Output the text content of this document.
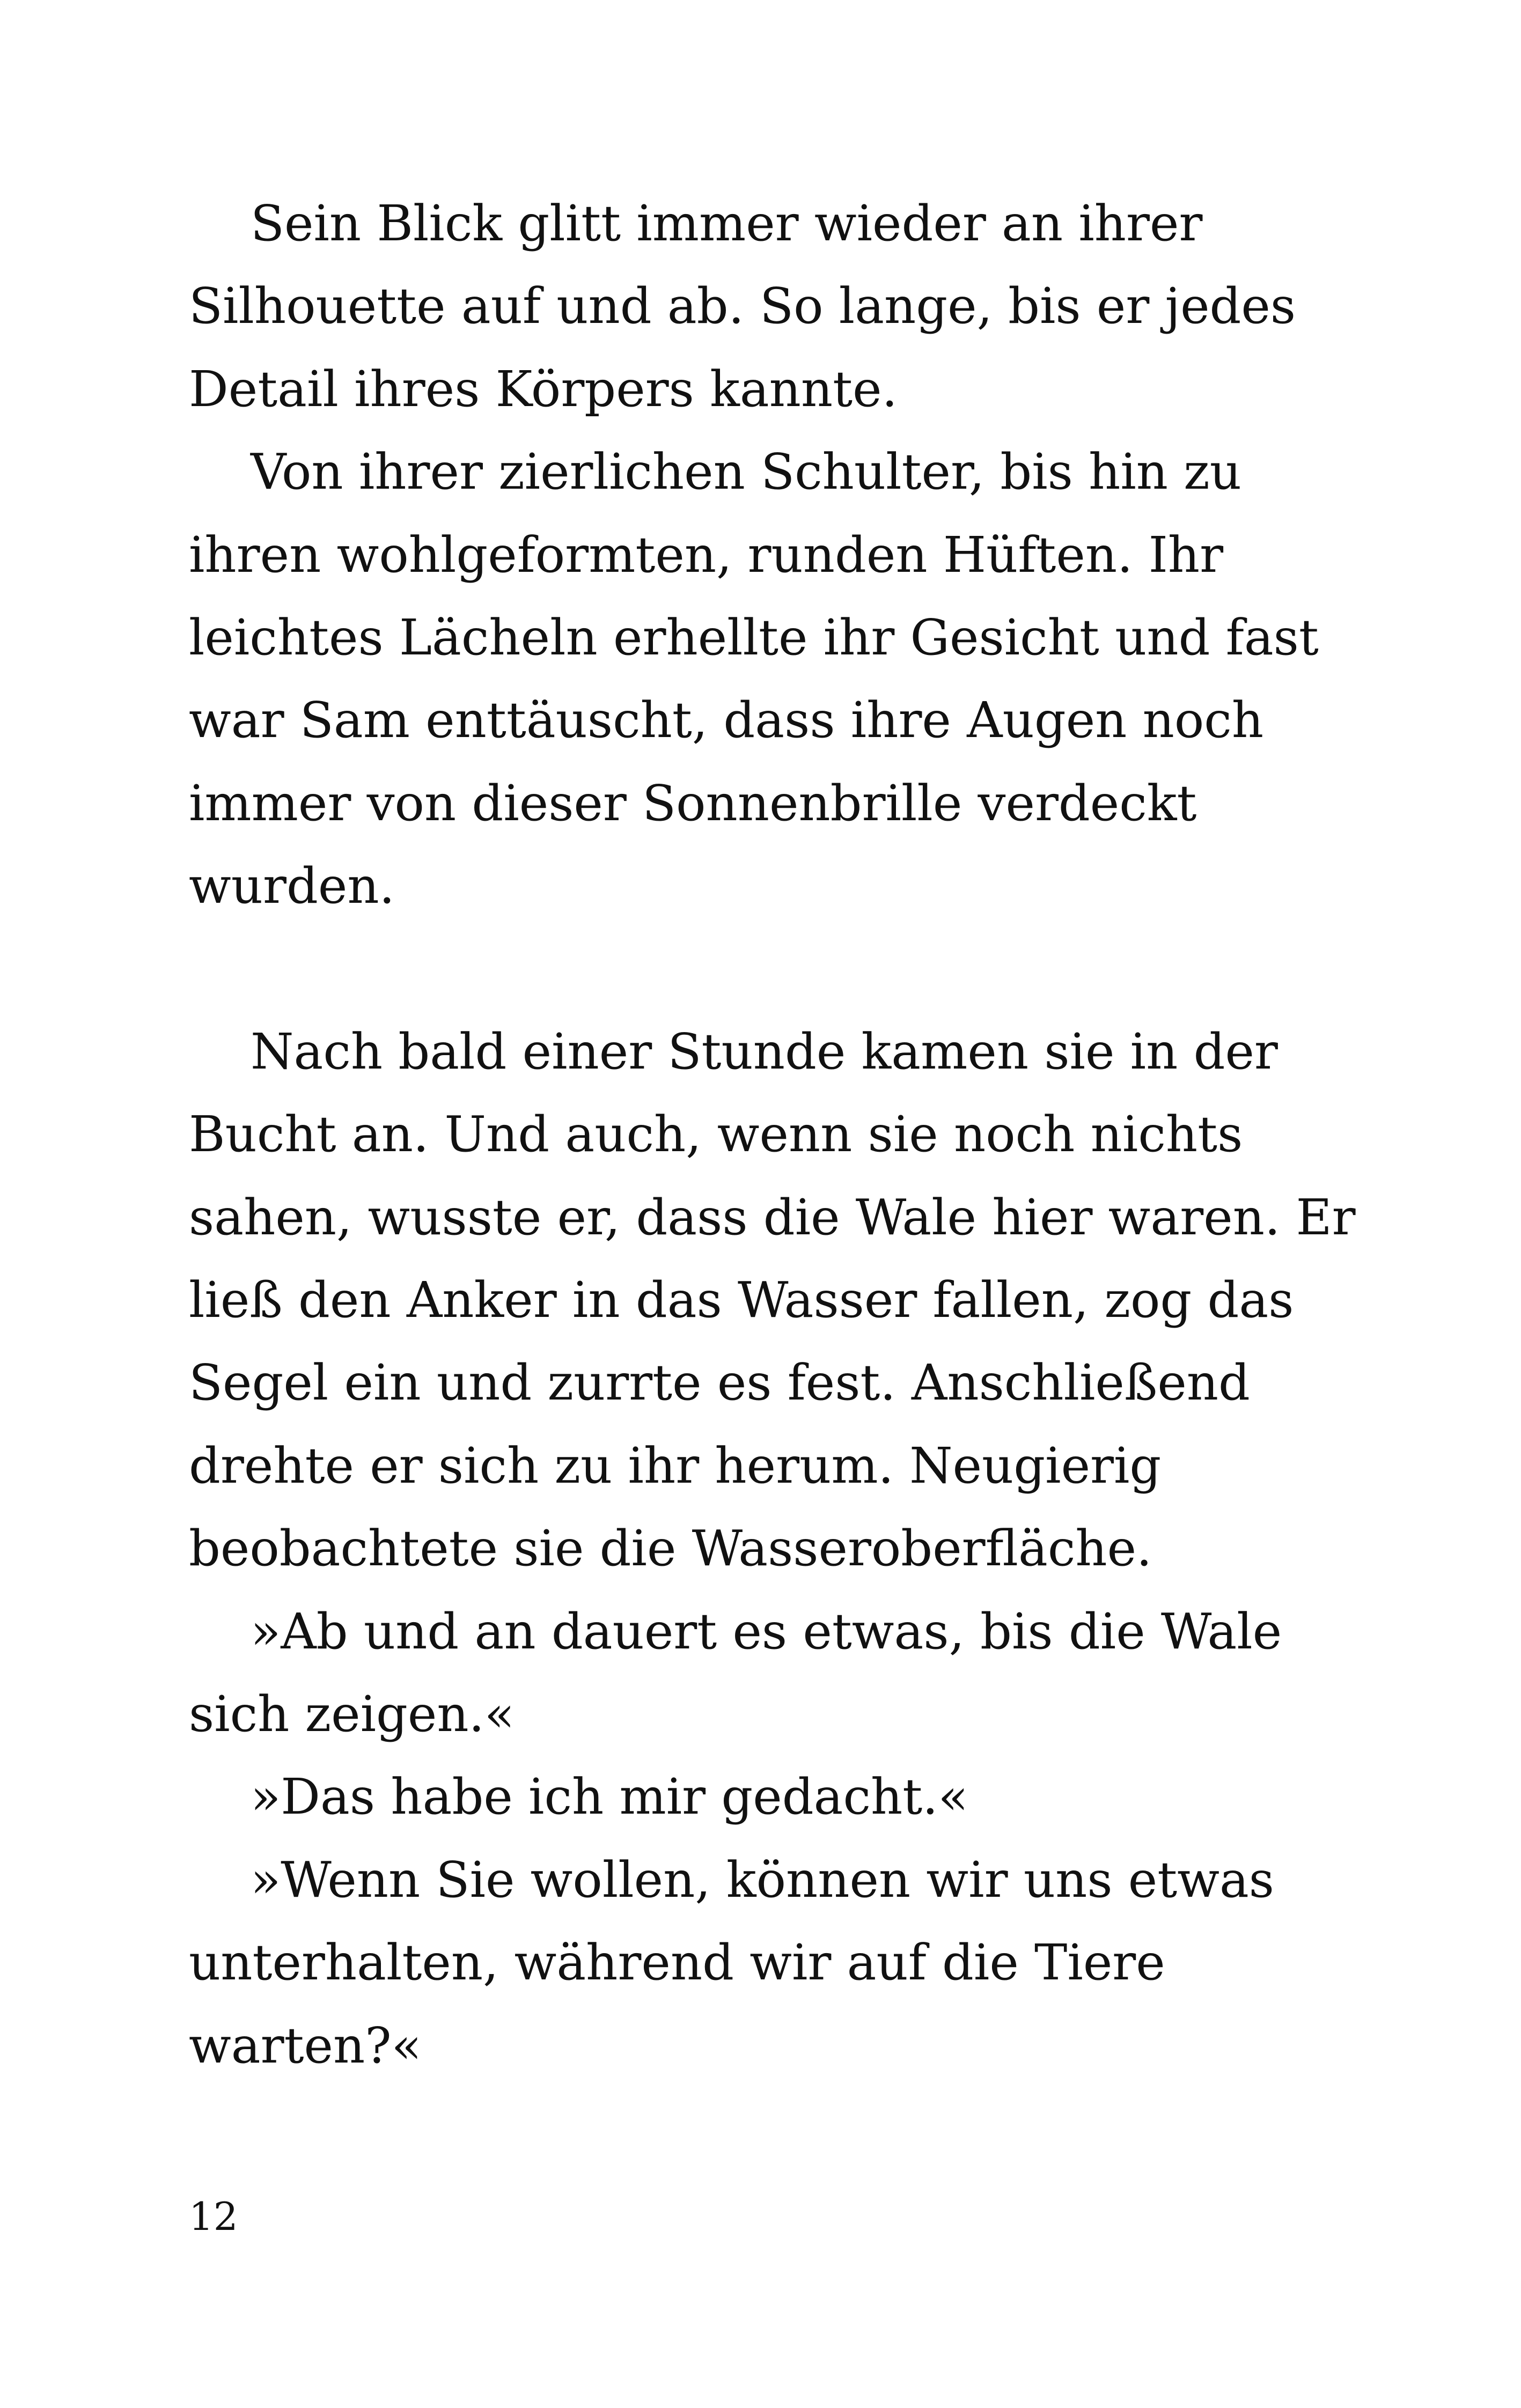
Sein Blick glitt immer wieder an ihrer
Silhouette auf und ab. So lange, bis er jedes
Detail ihres Körpers kannte.
Von ihrer zierlichen Schulter, bis hin zu
ihren wohlgeformten, runden Hüften. Ihr
leichtes Lächeln erhellte ihr Gesicht und fast
war Sam enttäuscht, dass ihre Augen noch
immer von dieser Sonnenbrille verdeckt
wurden.
Nach bald einer Stunde kamen sie in der
Bucht an. Und auch, wenn sie noch nichts
sahen, wusste er, dass die Wale hier waren. Er
ließ den Anker in das Wasser fallen, zog das
Segel ein und zurrte es fest. Anschließend
drehte er sich zu ihr herum. Neugierig
beobachtete sie die Wasseroberfläche.
»Ab und an dauert es etwas, bis die Wale
sich zeigen.«
»Das habe ich mir gedacht.«
»Wenn Sie wollen, können wir uns etwas
unterhalten, während wir auf die Tiere
warten?«
12
